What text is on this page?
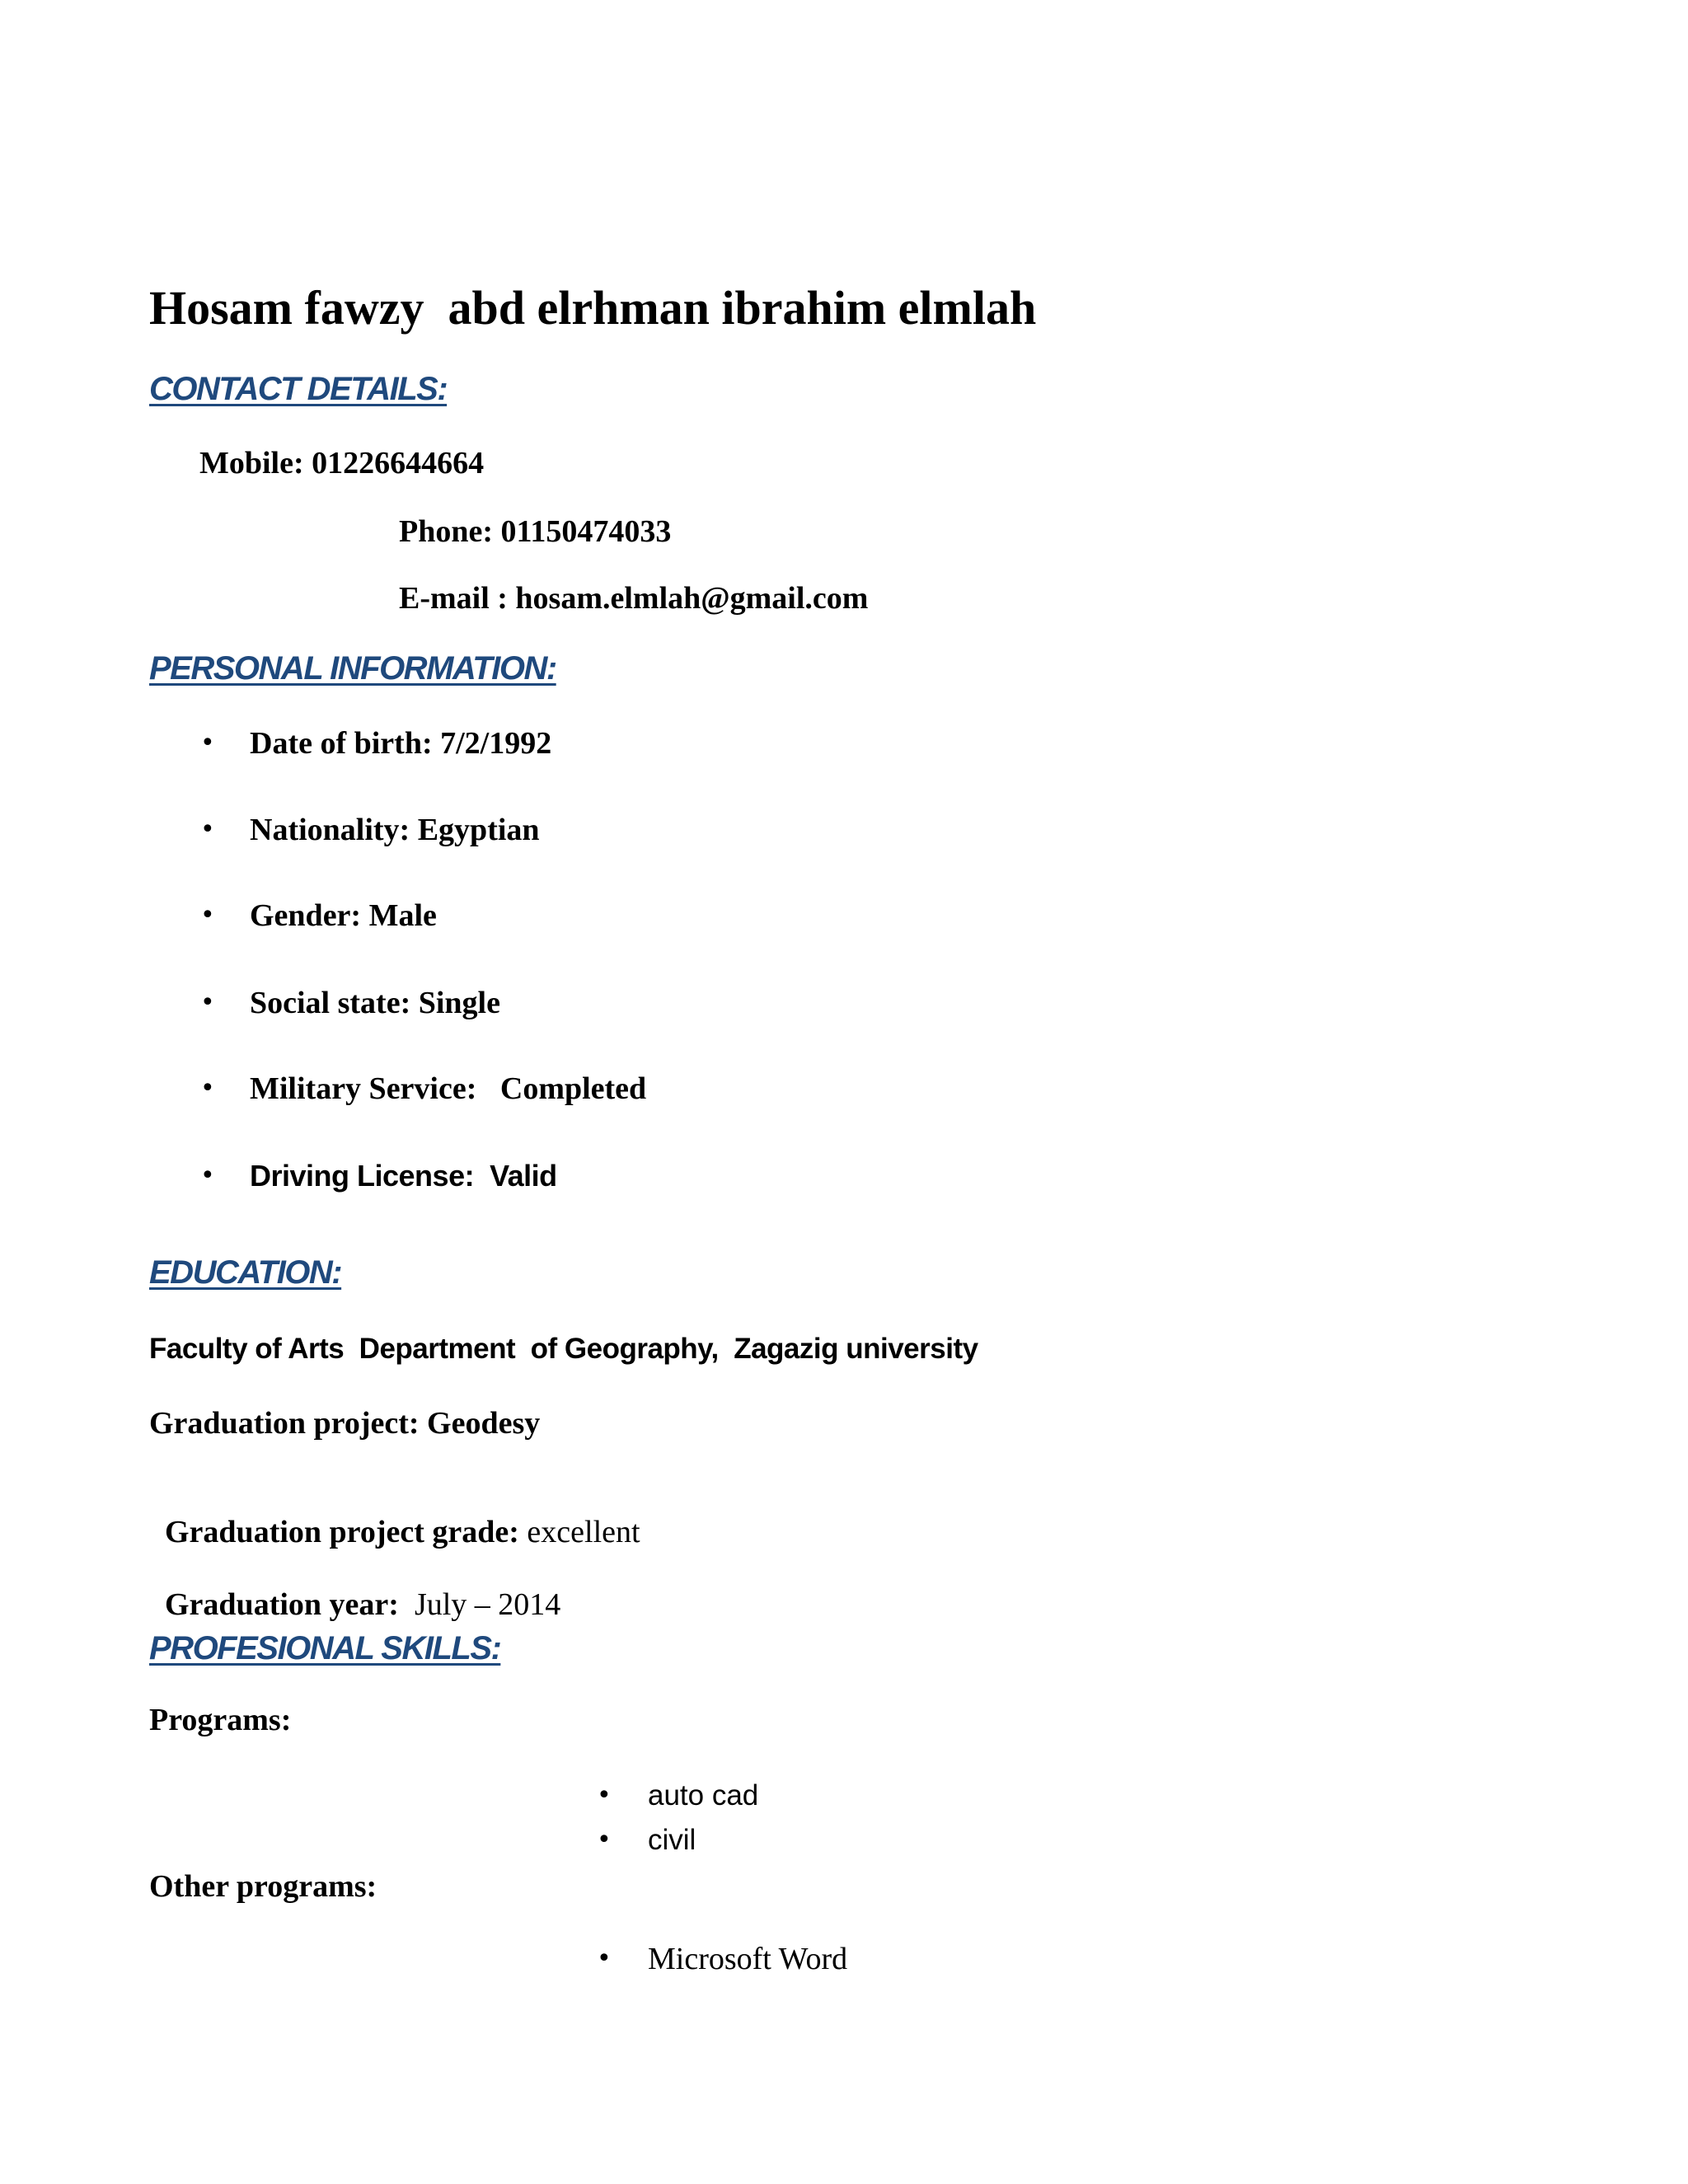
Hosam fawzy  abd elrhman ibrahim elmlah
CONTACT DETAILS:
Mobile: 01226644664
Phone: 01150474033
E-mail : hosam.elmlah@gmail.com
PERSONAL INFORMATION:
• Date of birth: 7/2/1992
• Nationality: Egyptian
• Gender: Male
• Social state: Single
• Military Service:   Completed
• Driving License:  Valid
EDUCATION:
Faculty of Arts  Department  of Geography,  Zagazig university
Graduation project: Geodesy

Graduation project grade: excellent

Graduation year:  July – 2014

PROFESIONAL SKILLS:
Programs:
• auto cad
• civil
Other programs:
• Microsoft Word
